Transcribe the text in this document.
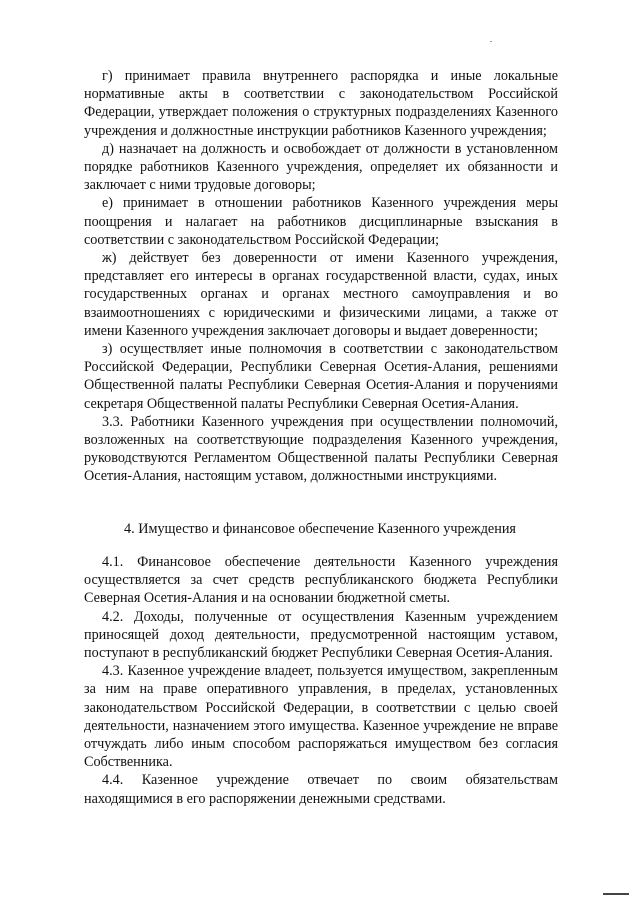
г) принимает правила внутреннего распорядка и иные локальные нормативные акты в соответствии с законодательством Российской Федерации, утверждает положения о структурных подразделениях Казенного учреждения и должностные инструкции работников Казенного учреждения;

д) назначает на должность и освобождает от должности в установленном порядке работников Казенного учреждения, определяет их обязанности и заключает с ними трудовые договоры;

е) принимает в отношении работников Казенного учреждения меры поощрения и налагает на работников дисциплинарные взыскания в соответствии с законодательством Российской Федерации;

ж) действует без доверенности от имени Казенного учреждения, представляет его интересы в органах государственной власти, судах, иных государственных органах и органах местного самоуправления и во взаимоотношениях с юридическими и физическими лицами, а также от имени Казенного учреждения заключает договоры и выдает доверенности;

з) осуществляет иные полномочия в соответствии с законодательством Российской Федерации, Республики Северная Осетия-Алания, решениями Общественной палаты Республики Северная Осетия-Алания и поручениями секретаря Общественной палаты Республики Северная Осетия-Алания.

3.3. Работники Казенного учреждения при осуществлении полномочий, возложенных на соответствующие подразделения Казенного учреждения, руководствуются Регламентом Общественной палаты Республики Северная Осетия-Алания, настоящим уставом, должностными инструкциями.

4. Имущество и финансовое обеспечение Казенного учреждения

4.1. Финансовое обеспечение деятельности Казенного учреждения осуществляется за счет средств республиканского бюджета Республики Северная Осетия-Алания и на основании бюджетной сметы.

4.2. Доходы, полученные от осуществления Казенным учреждением приносящей доход деятельности, предусмотренной настоящим уставом, поступают в республиканский бюджет Республики Северная Осетия-Алания.

4.3. Казенное учреждение владеет, пользуется имуществом, закрепленным за ним на праве оперативного управления, в пределах, установленных законодательством Российской Федерации, в соответствии с целью своей деятельности, назначением этого имущества. Казенное учреждение не вправе отчуждать либо иным способом распоряжаться имуществом без согласия Собственника.

4.4. Казенное учреждение отвечает по своим обязательствам находящимися в его распоряжении денежными средствами.
